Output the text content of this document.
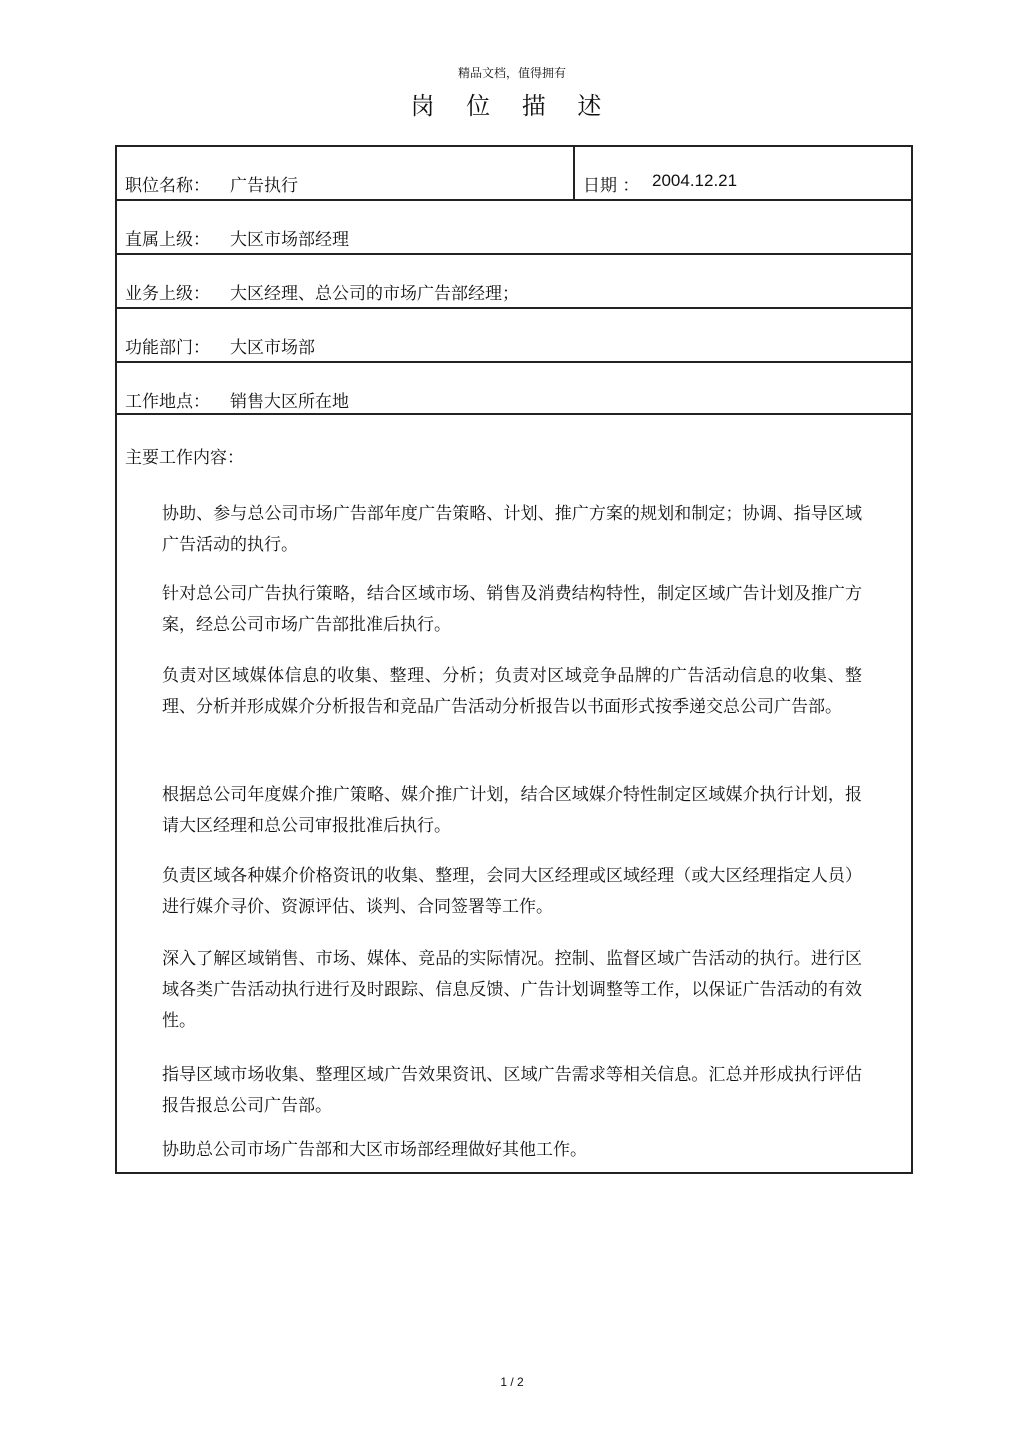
精品文档，值得拥有
岗 位 描 述
职位名称： 广告执行	日期 ： 2004.12.21
直属上级： 大区市场部经理
业务上级： 大区经理、总公司的市场广告部经理；
功能部门： 大区市场部
工作地点： 销售大区所在地
主要工作内容：
协助、参与总公司市场广告部年度广告策略、计划、推广方案的规划和制定；协调、指导区域广告活动的执行。
针对总公司广告执行策略，结合区域市场、销售及消费结构特性，制定区域广告计划及推广方案，经总公司市场广告部批准后执行。
负责对区域媒体信息的收集、整理、分析；负责对区域竞争品牌的广告活动信息的收集、整理、分析并形成媒介分析报告和竞品广告活动分析报告以书面形式按季递交总公司广告部。
根据总公司年度媒介推广策略、媒介推广计划，结合区域媒介特性制定区域媒介执行计划，报请大区经理和总公司审报批准后执行。
负责区域各种媒介价格资讯的收集、整理，会同大区经理或区域经理（或大区经理指定人员）进行媒介寻价、资源评估、谈判、合同签署等工作。
深入了解区域销售、市场、媒体、竞品的实际情况。控制、监督区域广告活动的执行。进行区域各类广告活动执行进行及时跟踪、信息反馈、广告计划调整等工作，以保证广告活动的有效性。
指导区域市场收集、整理区域广告效果资讯、区域广告需求等相关信息。汇总并形成执行评估报告报总公司广告部。
协助总公司市场广告部和大区市场部经理做好其他工作。
1 / 2
